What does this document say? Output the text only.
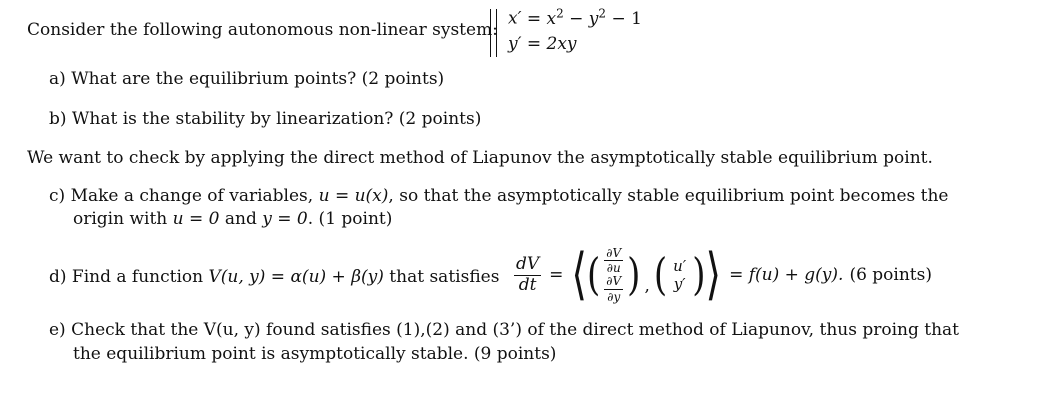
Consider the following autonomous non-linear system:
$x' = x^2 - y^2 - 1$
y′ = 2xy
a) What are the equilibrium points? (2 points)
b) What is the stability by linearization? (2 points)
We want to check by applying the direct method of Liapunov the asymptotically stable equilibrium point.
c) Make a change of variables, u = u(x), so that the asymptotically stable equilibrium point becomes the
origin with u = 0 and y = 0. (1 point)
d) Find a function V(u, y) = α(u) + β(y) that satisfies $\frac{dV}{dt}$ = ⟨ ( $\frac{\partial V}{\partial u}$
$\frac{\partial V}{\partial y}$ ) , ( u′
y′ ) ⟩ = f(u) + g(y). (6 points)
e) Check that the V(u, y) found satisfies (1),(2) and (3’) of the direct method of Liapunov, thus proing that
the equilibrium point is asymptotically stable. (9 points)
